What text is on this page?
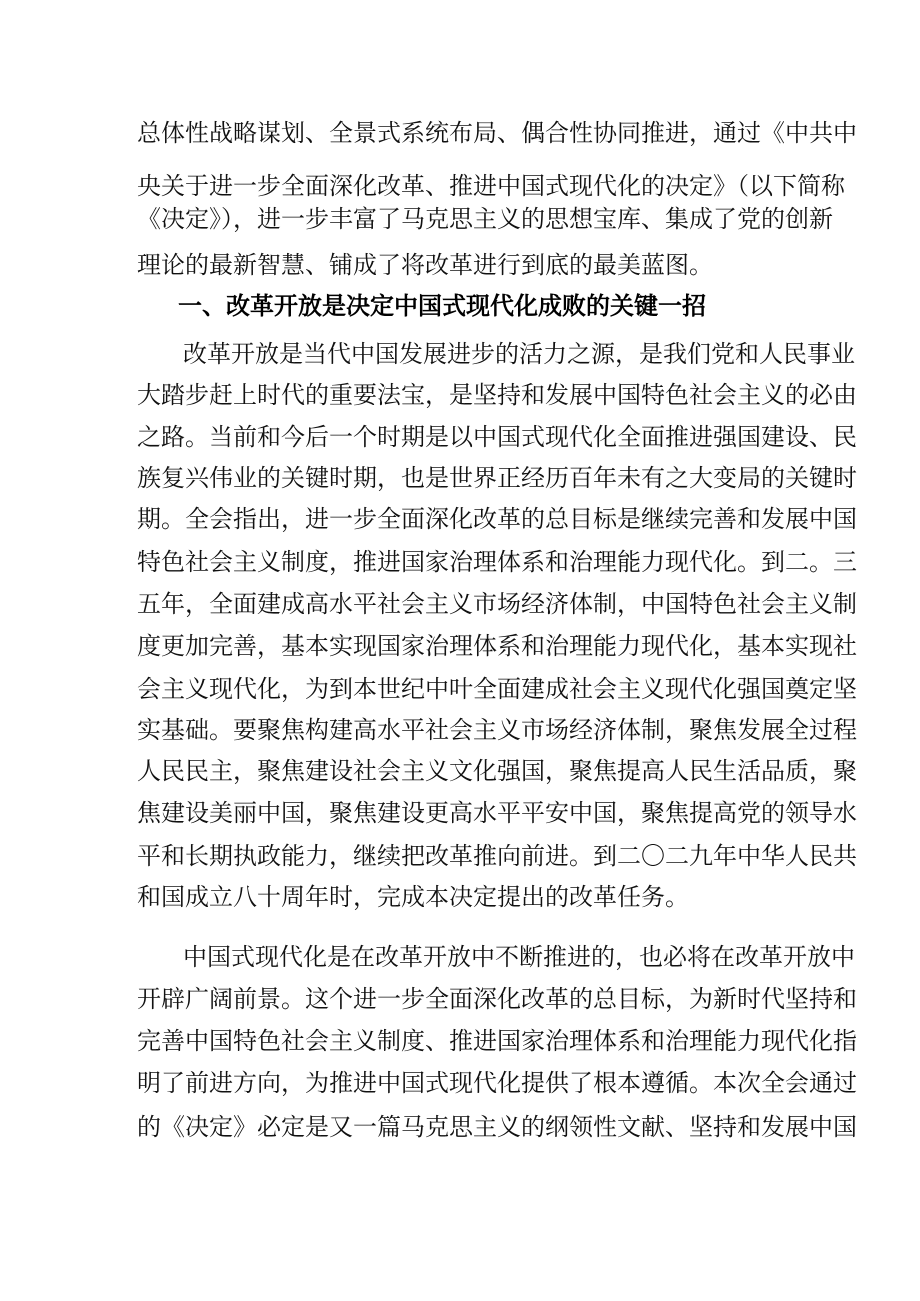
总体性战略谋划、全景式系统布局、偶合性协同推进，通过《中共中
央关于进一步全面深化改革、推进中国式现代化的决定》（以下简称
《决定》），进一步丰富了马克思主义的思想宝库、集成了党的创新
理论的最新智慧、铺成了将改革进行到底的最美蓝图。
一、改革开放是决定中国式现代化成败的关键一招
改革开放是当代中国发展进步的活力之源，是我们党和人民事业
大踏步赶上时代的重要法宝，是坚持和发展中国特色社会主义的必由
之路。当前和今后一个时期是以中国式现代化全面推进强国建设、民
族复兴伟业的关键时期，也是世界正经历百年未有之大变局的关键时
期。全会指出，进一步全面深化改革的总目标是继续完善和发展中国
特色社会主义制度，推进国家治理体系和治理能力现代化。到二。三
五年，全面建成高水平社会主义市场经济体制，中国特色社会主义制
度更加完善，基本实现国家治理体系和治理能力现代化，基本实现社
会主义现代化，为到本世纪中叶全面建成社会主义现代化强国奠定坚
实基础。要聚焦构建高水平社会主义市场经济体制，聚焦发展全过程
人民民主，聚焦建设社会主义文化强国，聚焦提高人民生活品质，聚
焦建设美丽中国，聚焦建设更高水平平安中国，聚焦提高党的领导水
平和长期执政能力，继续把改革推向前进。到二〇二九年中华人民共
和国成立八十周年时，完成本决定提出的改革任务。
中国式现代化是在改革开放中不断推进的，也必将在改革开放中
开辟广阔前景。这个进一步全面深化改革的总目标，为新时代坚持和
完善中国特色社会主义制度、推进国家治理体系和治理能力现代化指
明了前进方向，为推进中国式现代化提供了根本遵循。本次全会通过
的《决定》必定是又一篇马克思主义的纲领性文献、坚持和发展中国
